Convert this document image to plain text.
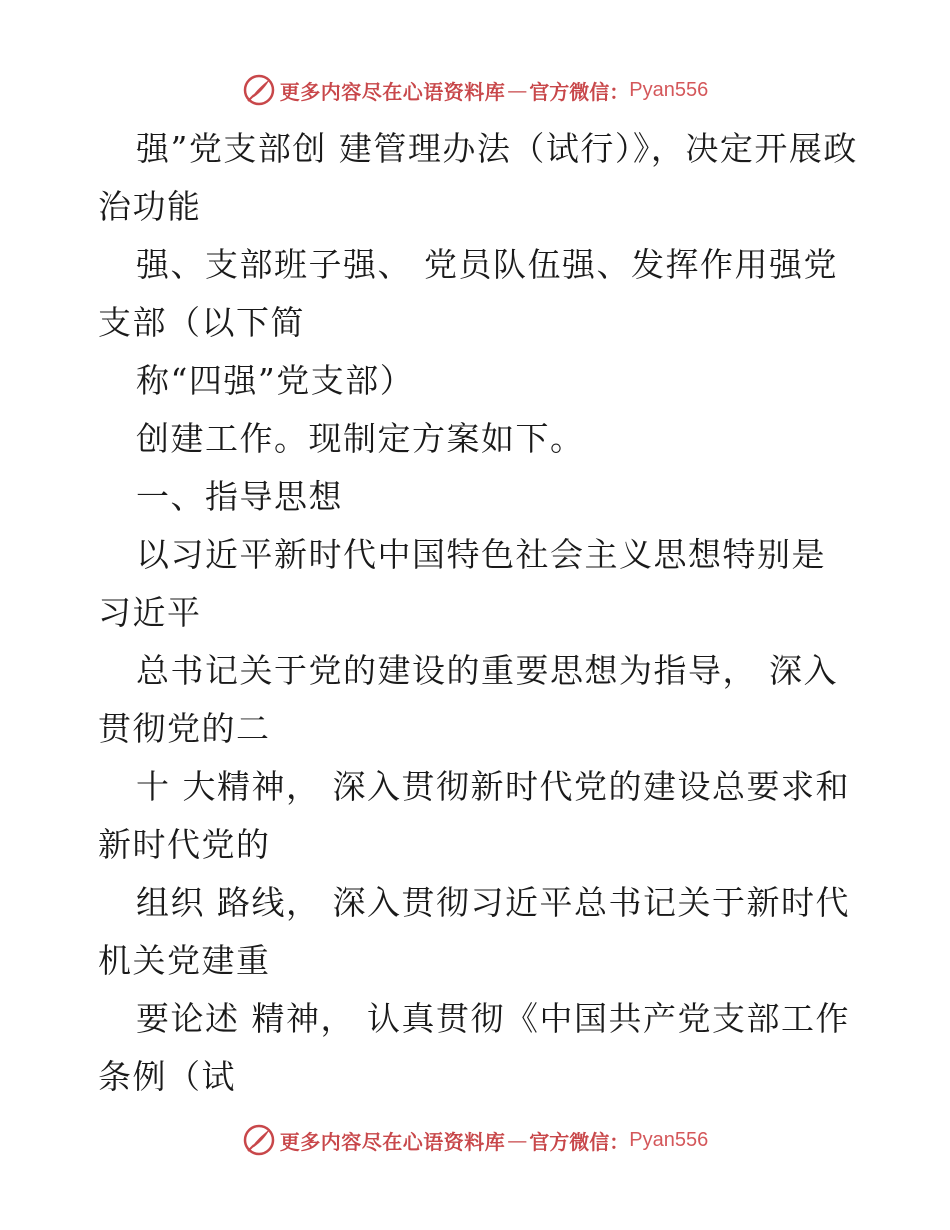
更多内容尽在心语资料库 — 官方微信： Pyan556

强”党支部创 建管理办法（试行）》，决定开展政治功能

强、支部班子强、 党员队伍强、发挥作用强党支部（以下简

称“四强”党支部）

创建工作。现制定方案如下。

一、指导思想

以习近平新时代中国特色社会主义思想特别是习近平

总书记关于党的建设的重要思想为指导， 深入贯彻党的二

十 大精神， 深入贯彻新时代党的建设总要求和新时代党的

组织 路线， 深入贯彻习近平总书记关于新时代机关党建重

要论述 精神， 认真贯彻《中国共产党支部工作条例（试

更多内容尽在心语资料库 — 官方微信： Pyan556
